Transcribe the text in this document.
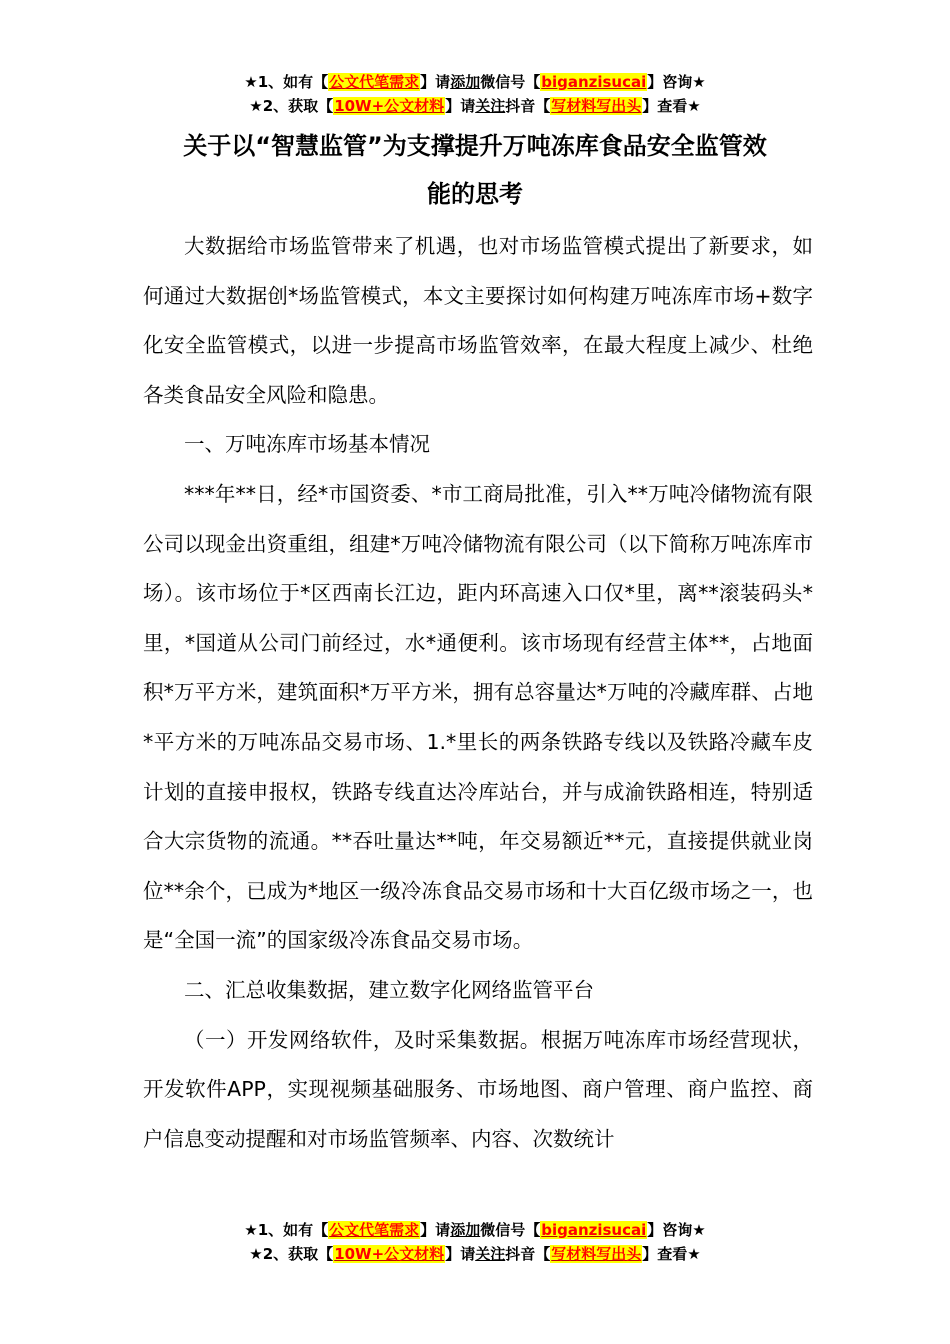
★1、如有【公文代笔需求】请添加微信号【biganzisucai】咨询★
★2、获取【10W+公文材料】请关注抖音【写材料写出头】查看★
关于以“智慧监管”为支撑提升万吨冻库食品安全监管效
能的思考

大数据给市场监管带来了机遇，也对市场监管模式提出了新要求，如何通过大数据创*场监管模式，本文主要探讨如何构建万吨冻库市场+数字化安全监管模式，以进一步提高市场监管效率，在最大程度上减少、杜绝各类食品安全风险和隐患。

一、万吨冻库市场基本情况

***年**日，经*市国资委、*市工商局批准，引入**万吨冷储物流有限公司以现金出资重组，组建*万吨冷储物流有限公司（以下简称万吨冻库市场）。该市场位于*区西南长江边，距内环高速入口仅*里，离**滚装码头*里，*国道从公司门前经过，水*通便利。该市场现有经营主体**，占地面积*万平方米，建筑面积*万平方米，拥有总容量达*万吨的冷藏库群、占地*平方米的万吨冻品交易市场、1.*里长的两条铁路专线以及铁路冷藏车皮计划的直接申报权，铁路专线直达冷库站台，并与成渝铁路相连，特别适合大宗货物的流通。**吞吐量达**吨，年交易额近**元，直接提供就业岗位**余个，已成为*地区一级冷冻食品交易市场和十大百亿级市场之一，也是“全国一流”的国家级冷冻食品交易市场。

二、汇总收集数据，建立数字化网络监管平台

（一）开发网络软件，及时采集数据。根据万吨冻库市场经营现状，开发软件APP，实现视频基础服务、市场地图、商户管理、商户监控、商户信息变动提醒和对市场监管频率、内容、次数统计

★1、如有【公文代笔需求】请添加微信号【biganzisucai】咨询★
★2、获取【10W+公文材料】请关注抖音【写材料写出头】查看★
